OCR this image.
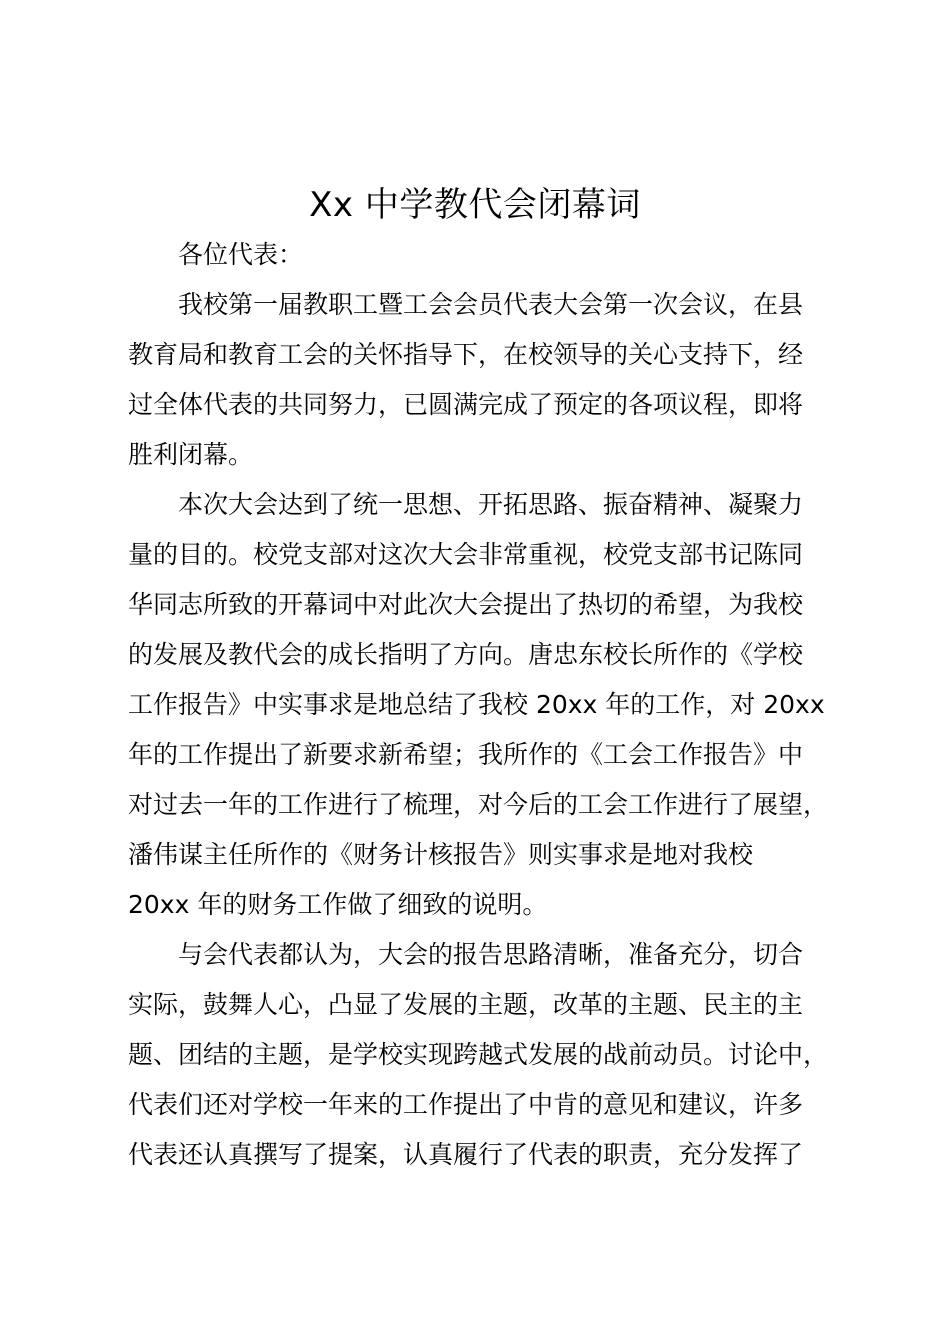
Xx 中学教代会闭幕词

各位代表：

我校第一届教职工暨工会会员代表大会第一次会议，在县
教育局和教育工会的关怀指导下，在校领导的关心支持下，经
过全体代表的共同努力，已圆满完成了预定的各项议程，即将
胜利闭幕。

本次大会达到了统一思想、开拓思路、振奋精神、凝聚力
量的目的。校党支部对这次大会非常重视，校党支部书记陈同
华同志所致的开幕词中对此次大会提出了热切的希望，为我校
的发展及教代会的成长指明了方向。唐忠东校长所作的《学校
工作报告》中实事求是地总结了我校 20xx 年的工作，对 20xx
年的工作提出了新要求新希望；我所作的《工会工作报告》中
对过去一年的工作进行了梳理，对今后的工会工作进行了展望，
潘伟谋主任所作的《财务计核报告》则实事求是地对我校
20xx 年的财务工作做了细致的说明。

与会代表都认为，大会的报告思路清晰，准备充分，切合
实际，鼓舞人心，凸显了发展的主题，改革的主题、民主的主
题、团结的主题，是学校实现跨越式发展的战前动员。讨论中，
代表们还对学校一年来的工作提出了中肯的意见和建议，许多
代表还认真撰写了提案，认真履行了代表的职责，充分发挥了
